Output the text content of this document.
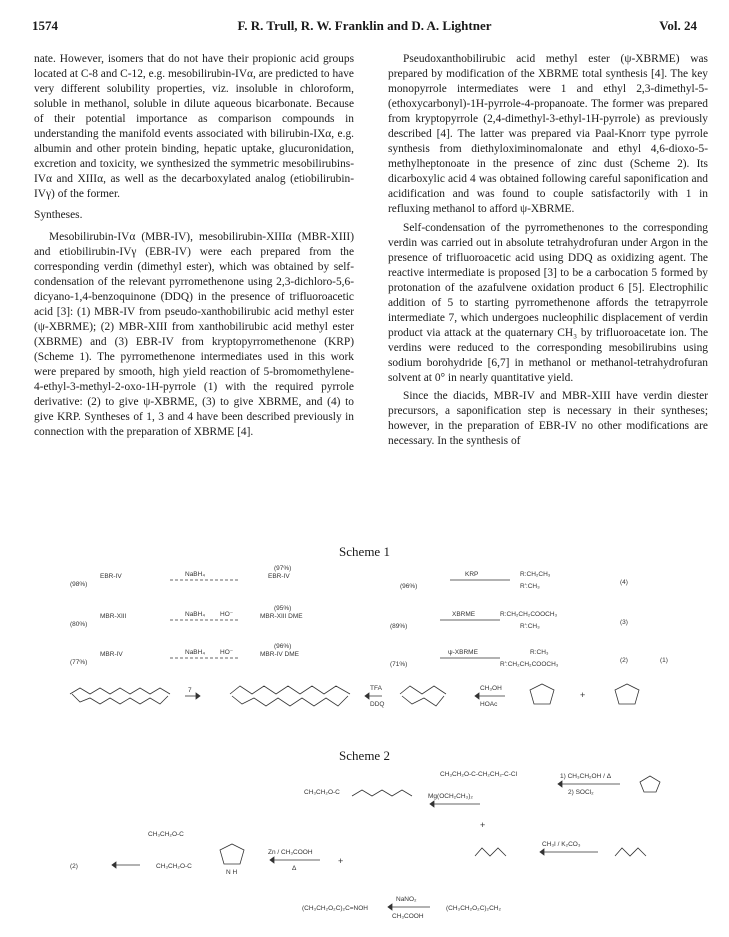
1574	F. R. Trull, R. W. Franklin and D. A. Lightner	Vol. 24

nate. However, isomers that do not have their propionic acid groups located at C-8 and C-12, e.g. mesobilirubin-IVα, are predicted to have very different solubility properties, viz. insoluble in chloroform, soluble in methanol, soluble in dilute aqueous bicarbonate. Because of their potential importance as comparison compounds in understanding the manifold events associated with bilirubin-IXα, e.g. albumin and other protein binding, hepatic uptake, glucuronidation, excretion and toxicity, we synthesized the symmetric mesobilirubins-IVα and XIIIα, as well as the decarboxylated analog (etiobilirubin-IVγ) of the former.

Syntheses.

Mesobilirubin-IVα (MBR-IV), mesobilirubin-XIIIα (MBR-XIII) and etiobilirubin-IVγ (EBR-IV) were each prepared from the corresponding verdin (dimethyl ester), which was obtained by self-condensation of the relevant pyrromethenone using 2,3-dichloro-5,6-dicyano-1,4-benzoquinone (DDQ) in the presence of trifluoroacetic acid [3]: (1) MBR-IV from pseudo-xanthobilirubic acid methyl ester (ψ-XBRME); (2) MBR-XIII from xanthobilirubic acid methyl ester (XBRME) and (3) EBR-IV from kryptopyrromethenone (KRP) (Scheme 1). The pyrromethenone intermediates used in this work were prepared by smooth, high yield reaction of 5-bromomethylene-4-ethyl-3-methyl-2-oxo-1H-pyrrole (1) with the required pyrrole derivative: (2) to give ψ-XBRME, (3) to give XBRME, and (4) to give KRP. Syntheses of 1, 3 and 4 have been described previously in connection with the preparation of XBRME [4].

Pseudoxanthobilirubic acid methyl ester (ψ-XBRME) was prepared by modification of the XBRME total synthesis [4]. The key monopyrrole intermediates were 1 and ethyl 2,3-dimethyl-5-(ethoxycarbonyl)-1H-pyrrole-4-propanoate. The former was prepared from kryptopyrrole (2,4-dimethyl-3-ethyl-1H-pyrrole) as previously described [4]. The latter was prepared via Paal-Knorr type pyrrole synthesis from diethyloximinomalonate and ethyl 4,6-dioxo-5-methylheptonoate in the presence of zinc dust (Scheme 2). Its dicarboxylic acid 4 was obtained following careful saponification and acidification and was found to couple satisfactorily with 1 in refluxing methanol to afford ψ-XBRME.

Self-condensation of the pyrromethenones to the corresponding verdin was carried out in absolute tetrahydrofuran under Argon in the presence of trifluoroacetic acid using DDQ as oxidizing agent. The reactive intermediate is proposed [3] to be a carbocation 5 formed by protonation of the azafulvene oxidation product 6 [5]. Electrophilic addition of 5 to starting pyrromethenone affords the tetrapyrrole intermediate 7, which undergoes nucleophilic displacement of verdin product via attack at the quaternary CH₃ by trifluoroacetate ion. The verdins were reduced to the corresponding mesobilirubins using sodium borohydride [6,7] in methanol or methanol-tetrahydrofuran solvent at 0° in nearly quantitative yield.

Since the diacids, MBR-IV and MBR-XIII have verdin diester precursors, a saponification step is necessary in their syntheses; however, in the preparation of EBR-IV no other modifications are necessary. In the synthesis of

Scheme 1
(4)
R:CH₂CH₃
R':CH₃
KRP
(96%)
EBR-IV
(97%)
NaBH₄
EBR-IV
(98%)
(3)
R:CH₂CH₂COOCH₃
R':CH₃
XBRME
(89%)
MBR-XIII DME
(95%)
NaBH₄ HO⁻
MBR-XIII
(80%)
(2)
R:CH₃
R':CH₂CH₂COOCH₃
ψ-XBRME
(71%)
MBR-IV DME
(96%)
NaBH₄ HO⁻
MBR-IV
(77%)	(1)
7	TFA
DDQ
CH₃OH
HOAc
+
Scheme 2
(2)
CH₃CH₂O-C
CH₃CH₂O-C
N H
Zn / CH₃COOH
Δ
+
CH₃CH₂O-C
Mg(OCH₂CH₃)₂
+
CH₃CH₂O-C-CH₂CH₂-C-Cl	1) CH₃CH₂OH / Δ
2) SOCl₂
CH₃I / K₂CO₃
(CH₃CH₂O₂C)₂C=NOH
NaNO₂
CH₃COOH
(CH₃CH₂O₂C)₂CH₂
